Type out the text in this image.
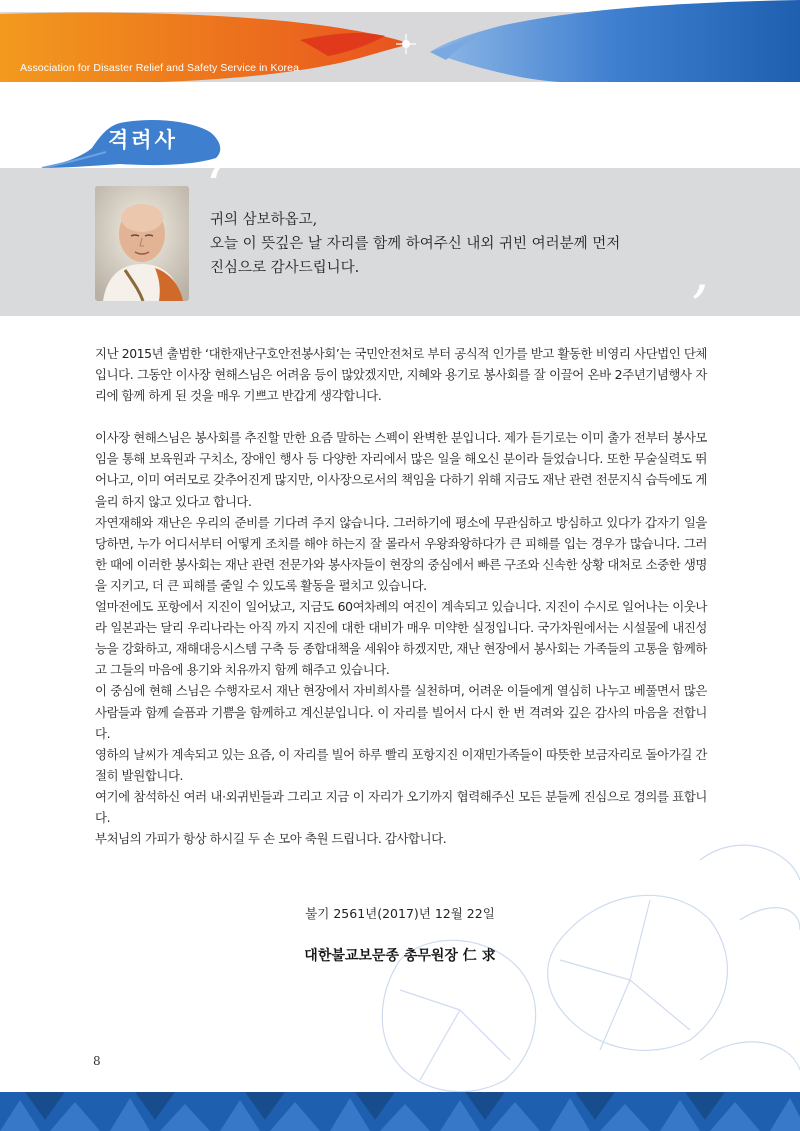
Association for Disaster Relief and Safety Service in Korea
격려사
‘
’
귀의 삼보하옵고,
오늘 이 뜻깊은 날 자리를 함께 하여주신 내외 귀빈 여러분께 먼저
진심으로 감사드립니다.

지난 2015년 출범한 ‘대한재난구호안전봉사회’는 국민안전처로 부터 공식적 인가를 받고 활동한 비영리 사단법인 단체입니다. 그동안 이사장 현해스님은 어려움 등이 많았겠지만, 지혜와 용기로 봉사회를 잘 이끌어 온바 2주년기념행사 자리에 함께 하게 된 것을 매우 기쁘고 반갑게 생각합니다.

이사장 현해스님은 봉사회를 추진할 만한 요즘 말하는 스펙이 완벽한 분입니다. 제가 듣기로는 이미 출가 전부터 봉사모임을 통해 보육원과 구치소, 장애인 행사 등 다양한 자리에서 많은 일을 해오신 분이라 들었습니다. 또한 무술실력도 뛰어나고, 이미 여러모로 갖추어진게 많지만, 이사장으로서의 책임을 다하기 위해 지금도 재난 관련 전문지식 습득에도 게을리 하지 않고 있다고 합니다.

자연재해와 재난은 우리의 준비를 기다려 주지 않습니다. 그러하기에 평소에 무관심하고 방심하고 있다가 갑자기 일을 당하면, 누가 어디서부터 어떻게 조치를 해야 하는지 잘 몰라서 우왕좌왕하다가 큰 피해를 입는 경우가 많습니다. 그러한 때에 이러한 봉사회는 재난 관련 전문가와 봉사자들이 현장의 중심에서 빠른 구조와 신속한 상황 대처로 소중한 생명을 지키고, 더 큰 피해를 줄일 수 있도록 활동을 펼치고 있습니다.

얼마전에도 포항에서 지진이 일어났고, 지금도 60여차례의 여진이 계속되고 있습니다. 지진이 수시로 일어나는 이웃나라 일본과는 달리 우리나라는 아직 까지 지진에 대한 대비가 매우 미약한 실정입니다. 국가차원에서는 시설물에 내진성능을 강화하고, 재해대응시스템 구축 등 종합대책을 세워야 하겠지만, 재난 현장에서 봉사회는 가족들의 고통을 함께하고 그들의 마음에 용기와 치유까지 함께 해주고 있습니다.

이 중심에 현해 스님은 수행자로서 재난 현장에서 자비희사를 실천하며, 어려운 이들에게 열심히 나누고 베풀면서 많은 사람들과 함께 슬픔과 기쁨을 함께하고 계신분입니다. 이 자리를 빌어서 다시 한 번 격려와 깊은 감사의 마음을 전합니다.

영하의 날씨가 계속되고 있는 요즘, 이 자리를 빌어 하루 빨리 포항지진 이재민가족들이 따뜻한 보금자리로 돌아가길 간절히 발원합니다.

여기에 참석하신 여러 내·외귀빈들과 그리고 지금 이 자리가 오기까지 협력해주신 모든 분들께 진심으로 경의를 표합니다.

부처님의 가피가 항상 하시길 두 손 모아 축원 드립니다. 감사합니다.

불기 2561년(2017)년 12월 22일
대한불교보문종 총무원장 仁 求
8
